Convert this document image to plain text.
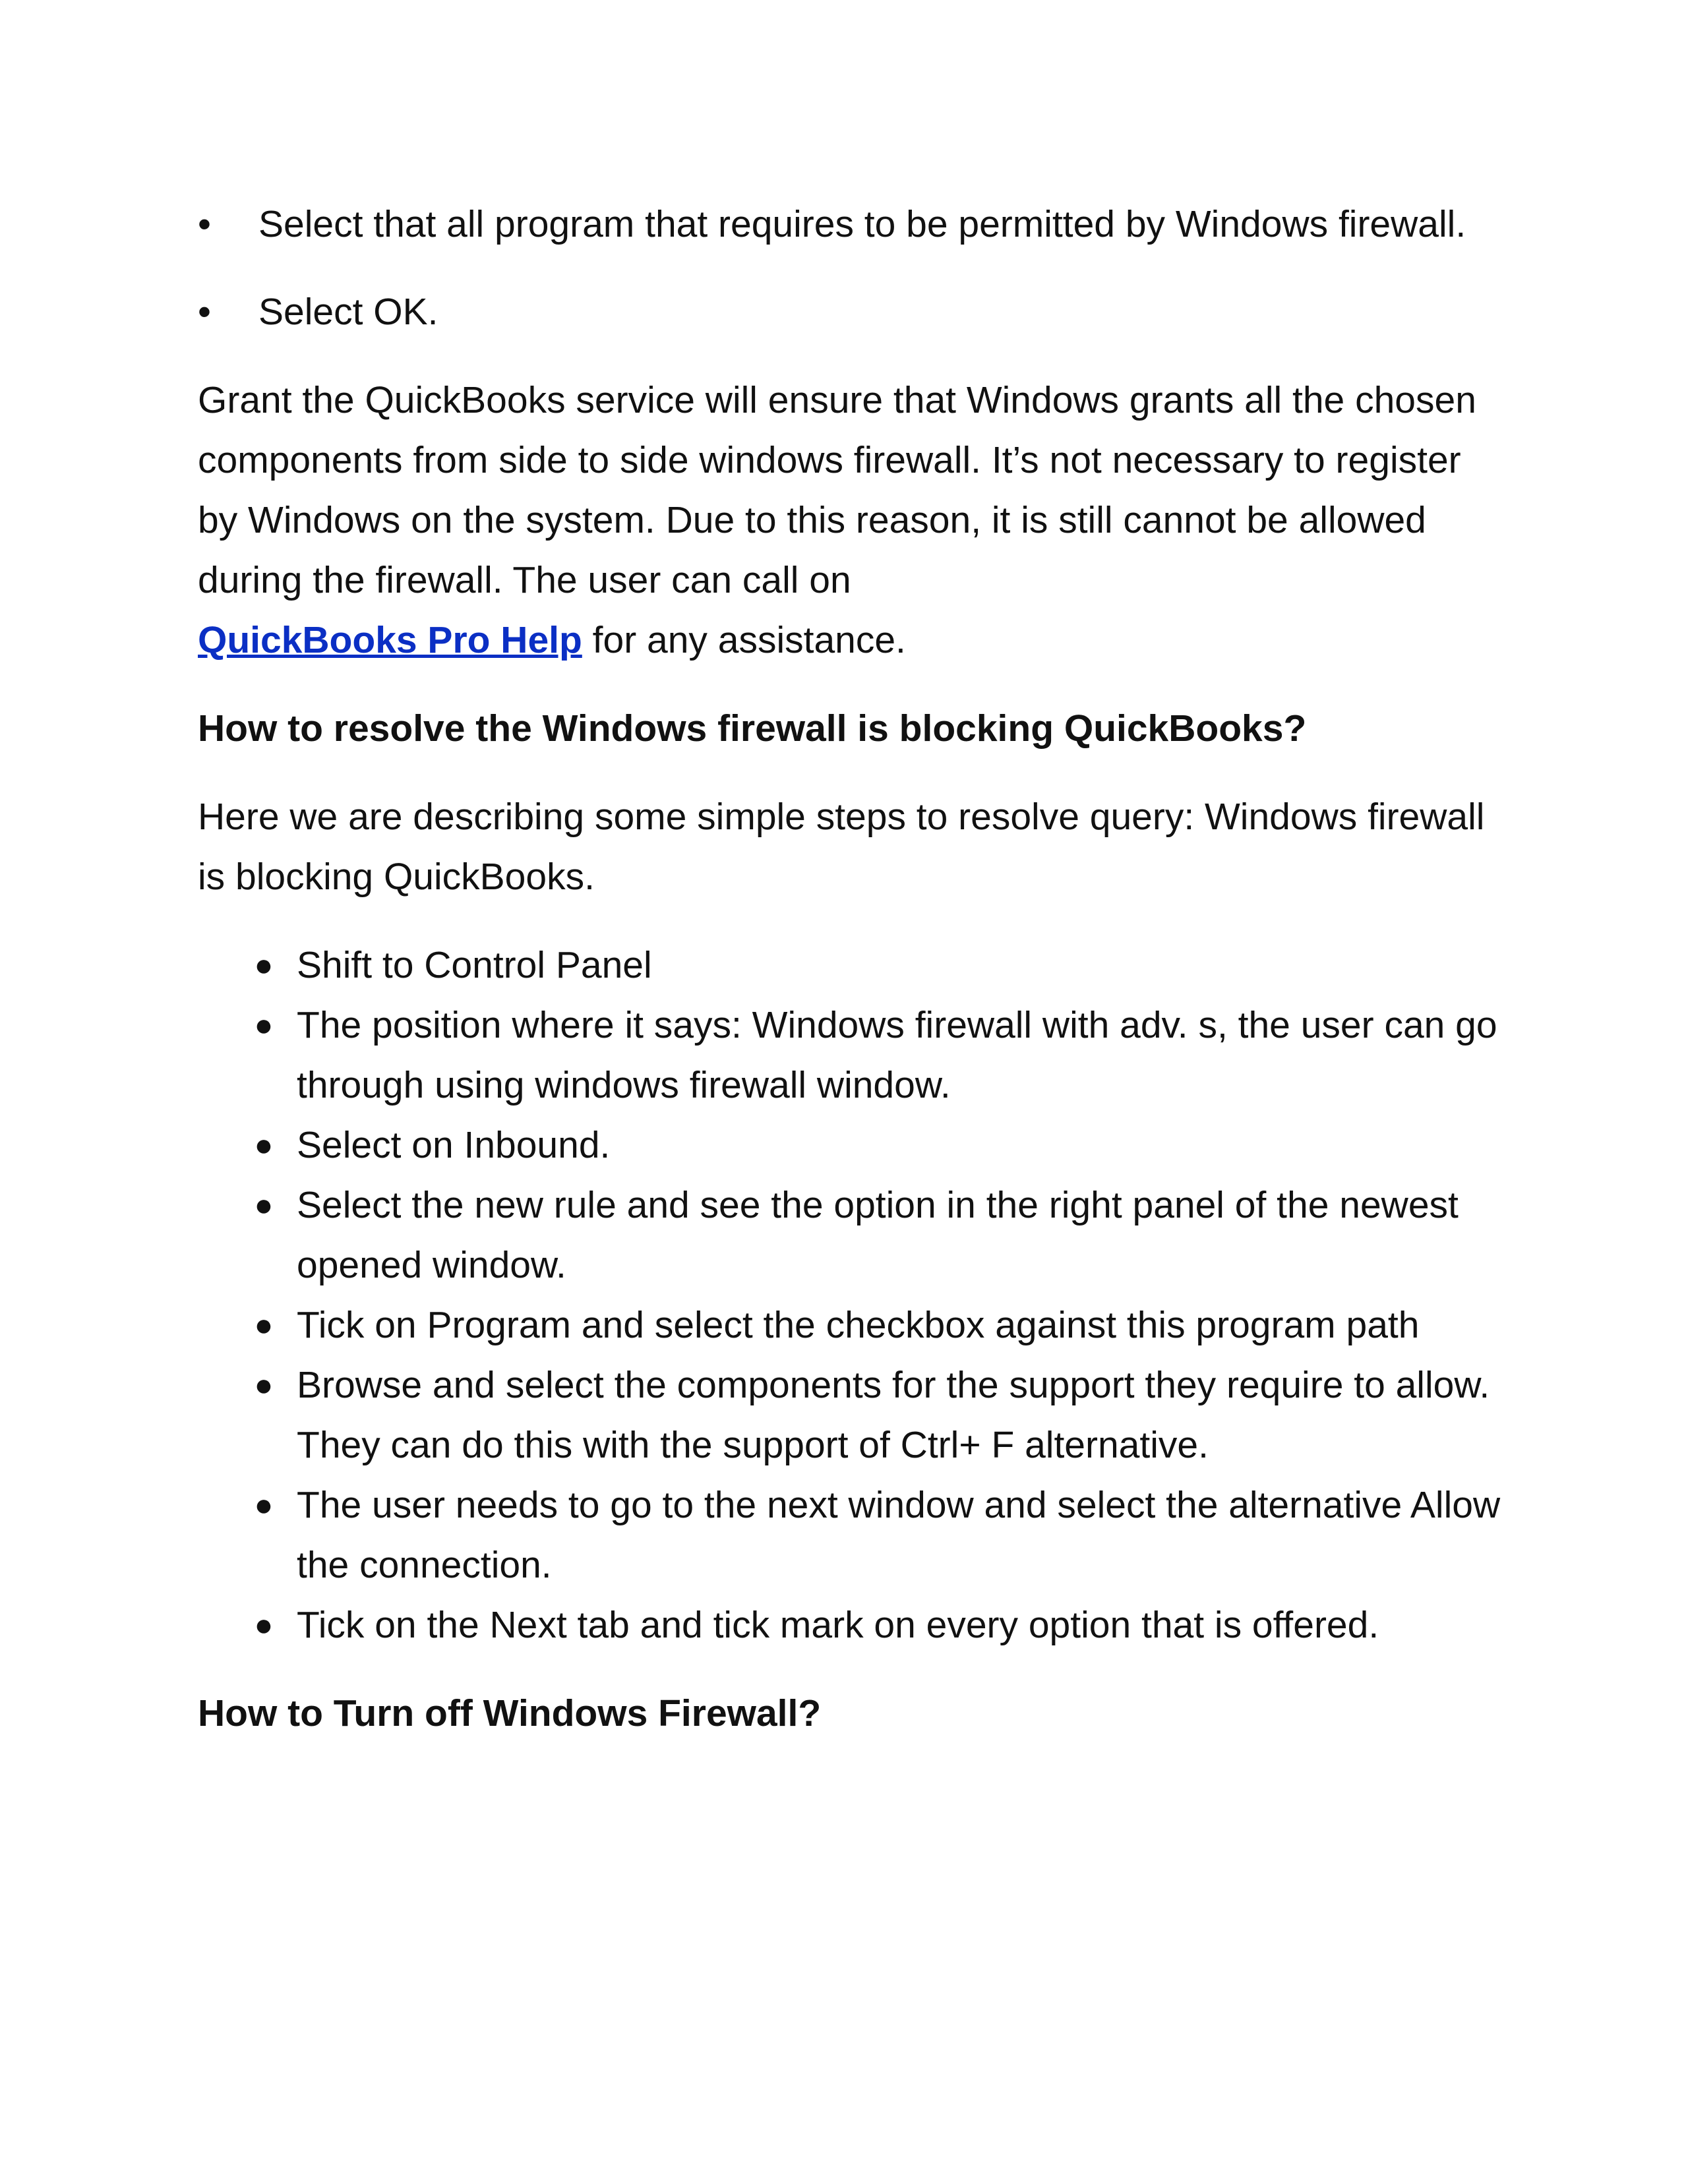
• Select that all program that requires to be permitted by Windows firewall.

• Select OK.

Grant the QuickBooks service will ensure that Windows grants all the chosen components from side to side windows firewall. It’s not necessary to register by Windows on the system. Due to this reason, it is still cannot be allowed during the firewall. The user can call on
QuickBooks Pro Help for any assistance.

How to resolve the Windows firewall is blocking QuickBooks?

Here we are describing some simple steps to resolve query: Windows firewall is blocking QuickBooks.

● Shift to Control Panel
● The position where it says: Windows firewall with adv. s, the user can go through using windows firewall window.
● Select on Inbound.
● Select the new rule and see the option in the right panel of the newest opened window.
● Tick on Program and select the checkbox against this program path
● Browse and select the components for the support they require to allow. They can do this with the support of Ctrl+ F alternative.
● The user needs to go to the next window and select the alternative Allow the connection.
● Tick on the Next tab and tick mark on every option that is offered.

How to Turn off Windows Firewall?
